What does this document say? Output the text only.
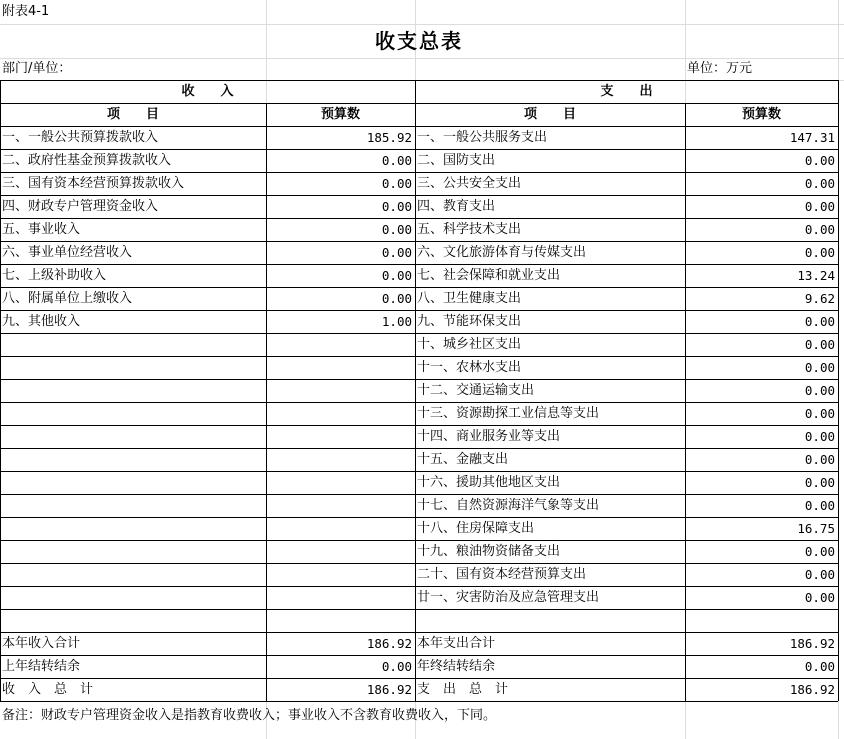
附表4-1
收支总表
部门/单位：	单位：万元
收　　入	支　　出
项　　目	预算数	项　　目	预算数
一、一般公共预算拨款收入	185.92 一、一般公共服务支出	147.31
二、政府性基金预算拨款收入	0.00 二、国防支出	0.00
三、国有资本经营预算拨款收入	0.00 三、公共安全支出	0.00
四、财政专户管理资金收入	0.00 四、教育支出	0.00
五、事业收入	0.00 五、科学技术支出	0.00
六、事业单位经营收入	0.00 六、文化旅游体育与传媒支出	0.00
七、上级补助收入	0.00 七、社会保障和就业支出	13.24
八、附属单位上缴收入	0.00 八、卫生健康支出	9.62
九、其他收入	1.00 九、节能环保支出	0.00
十、城乡社区支出	0.00
十一、农林水支出	0.00
十二、交通运输支出	0.00
十三、资源勘探工业信息等支出	0.00
十四、商业服务业等支出	0.00
十五、金融支出	0.00
十六、援助其他地区支出	0.00
十七、自然资源海洋气象等支出	0.00
十八、住房保障支出	16.75
十九、粮油物资储备支出	0.00
二十、国有资本经营预算支出	0.00
廿一、灾害防治及应急管理支出	0.00
本年收入合计	186.92 本年支出合计	186.92
上年结转结余	0.00 年终结转结余	0.00
收　入　总　计	186.92 支　出　总　计	186.92
备注：财政专户管理资金收入是指教育收费收入；事业收入不含教育收费收入，下同。
